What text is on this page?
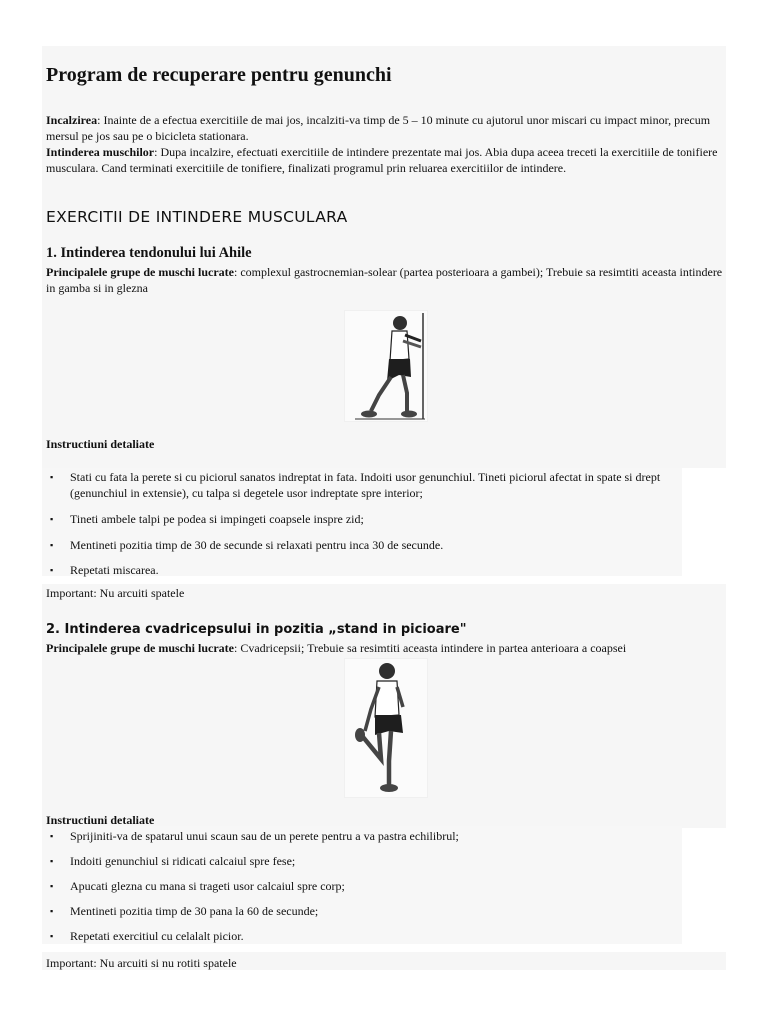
Program de recuperare pentru genunchi

Incalzirea: Inainte de a efectua exercitiile de mai jos, incalziti-va timp de 5 – 10 minute cu ajutorul unor miscari cu impact minor, precum mersul pe jos sau pe o bicicleta stationara.

Intinderea muschilor: Dupa incalzire, efectuati exercitiile de intindere prezentate mai jos. Abia dupa aceea treceti la exercitiile de tonifiere musculara. Cand terminati exercitiile de tonifiere, finalizati programul prin reluarea exercitiilor de intindere.

EXERCITII DE INTINDERE MUSCULARA
1. Intinderea tendonului lui Ahile

Principalele grupe de muschi lucrate: complexul gastrocnemian-solear (partea posterioara a gambei); Trebuie sa resimtiti aceasta intindere in gamba si in glezna

Instructiuni detaliate
▪ Stati cu fata la perete si cu piciorul sanatos indreptat in fata. Indoiti usor genunchiul. Tineti piciorul afectat in spate si drept (genunchiul in extensie), cu talpa si degetele usor indreptate spre interior;
▪ Tineti ambele talpi pe podea si impingeti coapsele inspre zid;
▪ Mentineti pozitia timp de 30 de secunde si relaxati pentru inca 30 de secunde.
▪ Repetati miscarea.

Important: Nu arcuiti spatele

2. Intinderea cvadricepsului in pozitia „stand in picioare"

Principalele grupe de muschi lucrate: Cvadricepsii; Trebuie sa resimtiti aceasta intindere in partea anterioara a coapsei

Instructiuni detaliate
▪ Sprijiniti-va de spatarul unui scaun sau de un perete pentru a va pastra echilibrul;
▪ Indoiti genunchiul si ridicati calcaiul spre fese;
▪ Apucati glezna cu mana si trageti usor calcaiul spre corp;
▪ Mentineti pozitia timp de 30 pana la 60 de secunde;
▪ Repetati exercitiul cu celalalt picior.

Important: Nu arcuiti si nu rotiti spatele
